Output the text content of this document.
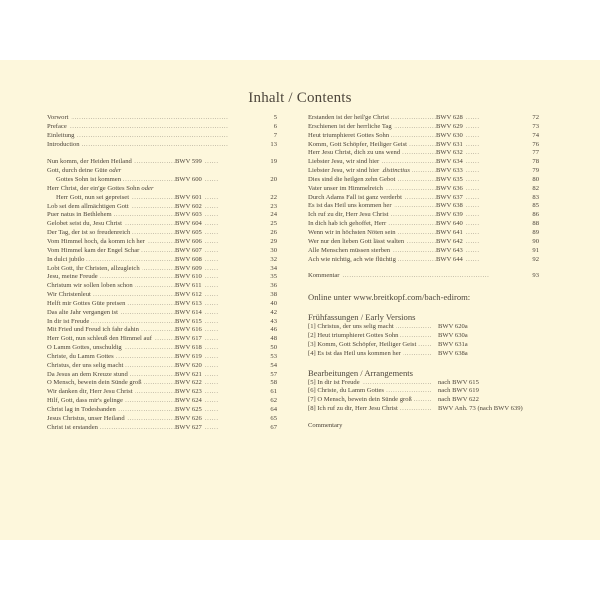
Inhalt / Contents
Vorwort . . .	5
Preface . . .	6
Einleitung . . .	7
Introduction . . .	13
Nun komm, der Heiden Heiland . . .	BWV 599 . . .	19
Gott, durch deine Güte oder
Gottes Sohn ist kommen . . .	BWV 600 . . .	20
Herr Christ, der ein'ge Gottes Sohn oder
Herr Gott, nun sei gepreiset . . .	BWV 601 . . .	22
Lob sei dem allmächtigen Gott . . .	BWV 602 . . .	23
Puer natus in Bethlehem . . .	BWV 603 . . .	24
Gelobet seist du, Jesu Christ . . .	BWV 604 . . .	25
Der Tag, der ist so freudenreich . . .	BWV 605 . . .	26
Vom Himmel hoch, da komm ich her . . .	BWV 606 . . .	29
Vom Himmel kam der Engel Schar . . .	BWV 607 . . .	30
In dulci jubilo . . .	BWV 608 . . .	32
Lobt Gott, ihr Christen, allzugleich . . .	BWV 609 . . .	34
Jesu, meine Freude . . .	BWV 610 . . .	35
Christum wir sollen loben schon . . .	BWV 611 . . .	36
Wir Christenleut . . .	BWV 612 . . .	38
Helft mir Gottes Güte preisen . . .	BWV 613 . . .	40
Das alte Jahr vergangen ist . . .	BWV 614 . . .	42
In dir ist Freude . . .	BWV 615 . . .	43
Mit Fried und Freud ich fahr dahin . . .	BWV 616 . . .	46
Herr Gott, nun schleuß den Himmel auf . . .	BWV 617 . . .	48
O Lamm Gottes, unschuldig . . .	BWV 618 . . .	50
Christe, du Lamm Gottes . . .	BWV 619 . . .	53
Christus, der uns selig macht . . .	BWV 620 . . .	54
Da Jesus an dem Kreuze stund . . .	BWV 621 . . .	57
O Mensch, bewein dein Sünde groß . . .	BWV 622 . . .	58
Wir danken dir, Herr Jesu Christ . . .	BWV 623 . . .	61
Hilf, Gott, dass mir's gelinge . . .	BWV 624 . . .	62
Christ lag in Todesbanden . . .	BWV 625 . . .	64
Jesus Christus, unser Heiland . . .	BWV 626 . . .	65
Christ ist erstanden . . .	BWV 627 . . .	67
Erstanden ist der heil'ge Christ . . .	BWV 628 . . .	72
Erschienen ist der herrliche Tag . . .	BWV 629 . . .	73
Heut triumphieret Gottes Sohn . . .	BWV 630 . . .	74
Komm, Gott Schöpfer, Heiliger Geist . . .	BWV 631 . . .	76
Herr Jesu Christ, dich zu uns wend . . .	BWV 632 . . .	77
Liebster Jesu, wir sind hier . . .	BWV 634 . . .	78
Liebster Jesu, wir sind hier distinctius . . .	BWV 633 . . .	79
Dies sind die heilgen zehn Gebot . . .	BWV 635 . . .	80
Vater unser im Himmelreich . . .	BWV 636 . . .	82
Durch Adams Fall ist ganz verderbt . . .	BWV 637 . . .	83
Es ist das Heil uns kommen her . . .	BWV 638 . . .	85
Ich ruf zu dir, Herr Jesu Christ . . .	BWV 639 . . .	86
In dich hab ich gehoffet, Herr . . .	BWV 640 . . .	88
Wenn wir in höchsten Nöten sein . . .	BWV 641 . . .	89
Wer nur den lieben Gott lässt walten . . .	BWV 642 . . .	90
Alle Menschen müssen sterben . . .	BWV 643 . . .	91
Ach wie nichtig, ach wie flüchtig . . .	BWV 644 . . .	92
Kommentar . . .	93
Online unter www.breitkopf.com/bach-edirom:
Frühfassungen / Early Versions
[1] Christus, der uns selig macht . . .	BWV 620a
[2] Heut triumphieret Gottes Sohn . . .	BWV 630a
[3] Komm, Gott Schöpfer, Heiliger Geist . . .	BWV 631a
[4] Es ist das Heil uns kommen her . . .	BWV 638a
Bearbeitungen / Arrangements
[5] In dir ist Freude . . .	nach BWV 615
[6] Christe, du Lamm Gottes . . .	nach BWV 619
[7] O Mensch, bewein dein Sünde groß . . .	nach BWV 622
[8] Ich ruf zu dir, Herr Jesu Christ . . .	BWV Anh. 73 (nach BWV 639)
Commentary
